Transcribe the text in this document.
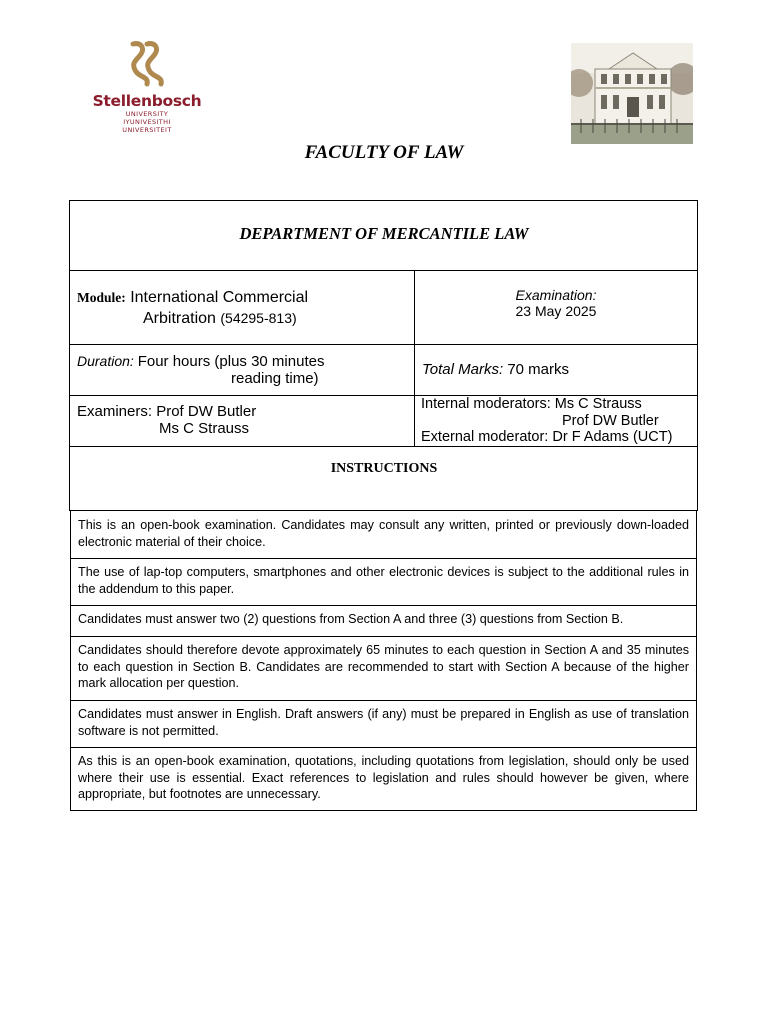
Stellenbosch
UNIVERSITY
IYUNIVESITHI
UNIVERSITEIT
FACULTY OF LAW
DEPARTMENT OF MERCANTILE LAW
Module: International Commercial
Arbitration (54295-813)
Examination:
23 May 2025
Duration: Four hours (plus 30 minutes
reading time)
Total Marks: 70 marks
Examiners: Prof DW Butler
Ms C Strauss
Internal moderators: Ms C Strauss
Prof DW Butler
External moderator: Dr F Adams (UCT)
INSTRUCTIONS
This is an open-book examination. Candidates may consult any written, printed or previously down-loaded electronic material of their choice.
The use of lap-top computers, smartphones and other electronic devices is subject to the additional rules in the addendum to this paper.
Candidates must answer two (2) questions from Section A and three (3) questions from Section B.
Candidates should therefore devote approximately 65 minutes to each question in Section A and 35 minutes to each question in Section B. Candidates are recommended to start with Section A because of the higher mark allocation per question.
Candidates must answer in English. Draft answers (if any) must be prepared in English as use of translation software is not permitted.
As this is an open-book examination, quotations, including quotations from legislation, should only be used where their use is essential. Exact references to legislation and rules should however be given, where appropriate, but footnotes are unnecessary.
